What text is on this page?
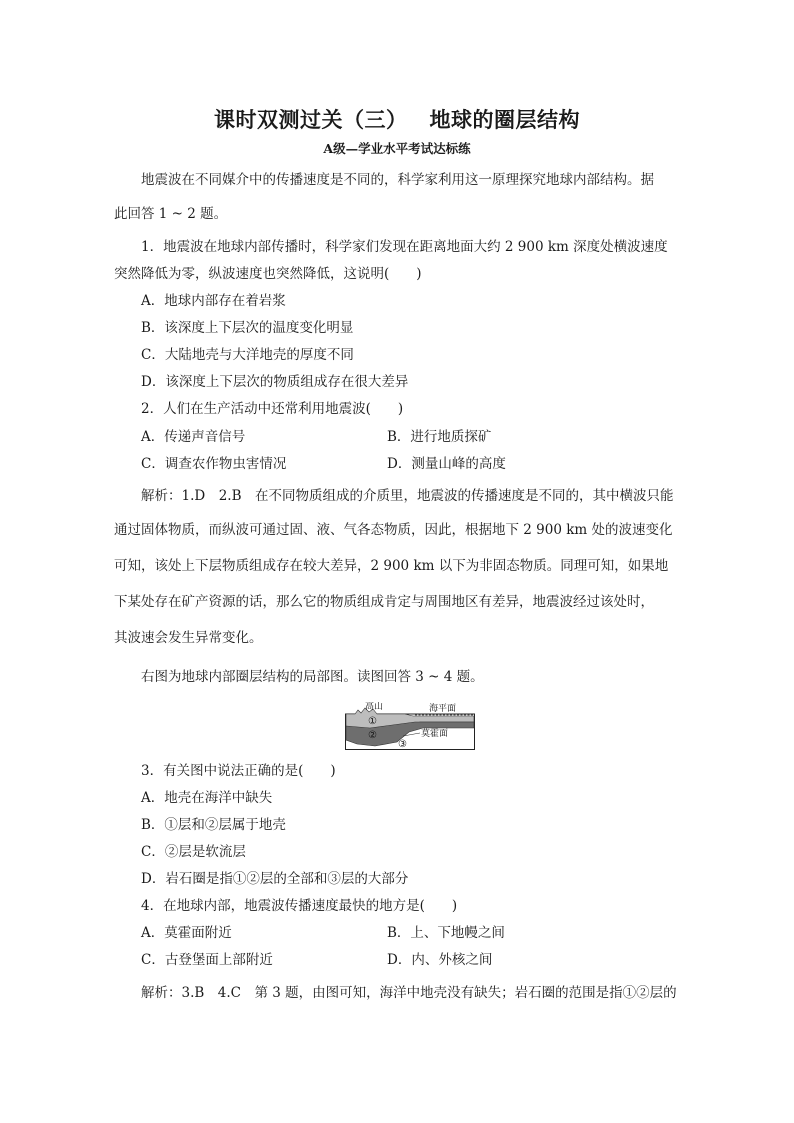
课时双测过关（三） 地球的圈层结构
A级—学业水平考试达标练
地震波在不同媒介中的传播速度是不同的，科学家利用这一原理探究地球内部结构。据
此回答 1 ~ 2 题。
1．地震波在地球内部传播时，科学家们发现在距离地面大约 2 900 km 深度处横波速度
突然降低为零，纵波速度也突然降低，这说明(　　)
A．地球内部存在着岩浆
B．该深度上下层次的温度变化明显
C．大陆地壳与大洋地壳的厚度不同
D．该深度上下层次的物质组成存在很大差异
2．人们在生产活动中还常利用地震波(　　)
A．传递声音信号	B．进行地质探矿
C．调查农作物虫害情况	D．测量山峰的高度
解析：1.D　2.B　在不同物质组成的介质里，地震波的传播速度是不同的，其中横波只能
通过固体物质，而纵波可通过固、液、气各态物质，因此，根据地下 2 900 km 处的波速变化
可知，该处上下层物质组成存在较大差异，2 900 km 以下为非固态物质。同理可知，如果地
下某处存在矿产资源的话，那么它的物质组成肯定与周围地区有差异，地震波经过该处时，
其波速会发生异常变化。
右图为地球内部圈层结构的局部图。读图回答 3 ~ 4 题。
高山	海平面
莫霍面
①
②
③
3．有关图中说法正确的是(　　)
A．地壳在海洋中缺失
B．①层和②层属于地壳
C．②层是软流层
D．岩石圈是指①②层的全部和③层的大部分
4．在地球内部，地震波传播速度最快的地方是(　　)
A．莫霍面附近	B．上、下地幔之间
C．古登堡面上部附近	D．内、外核之间
解析：3.B　4.C　第 3 题，由图可知，海洋中地壳没有缺失；岩石圈的范围是指①②层的
